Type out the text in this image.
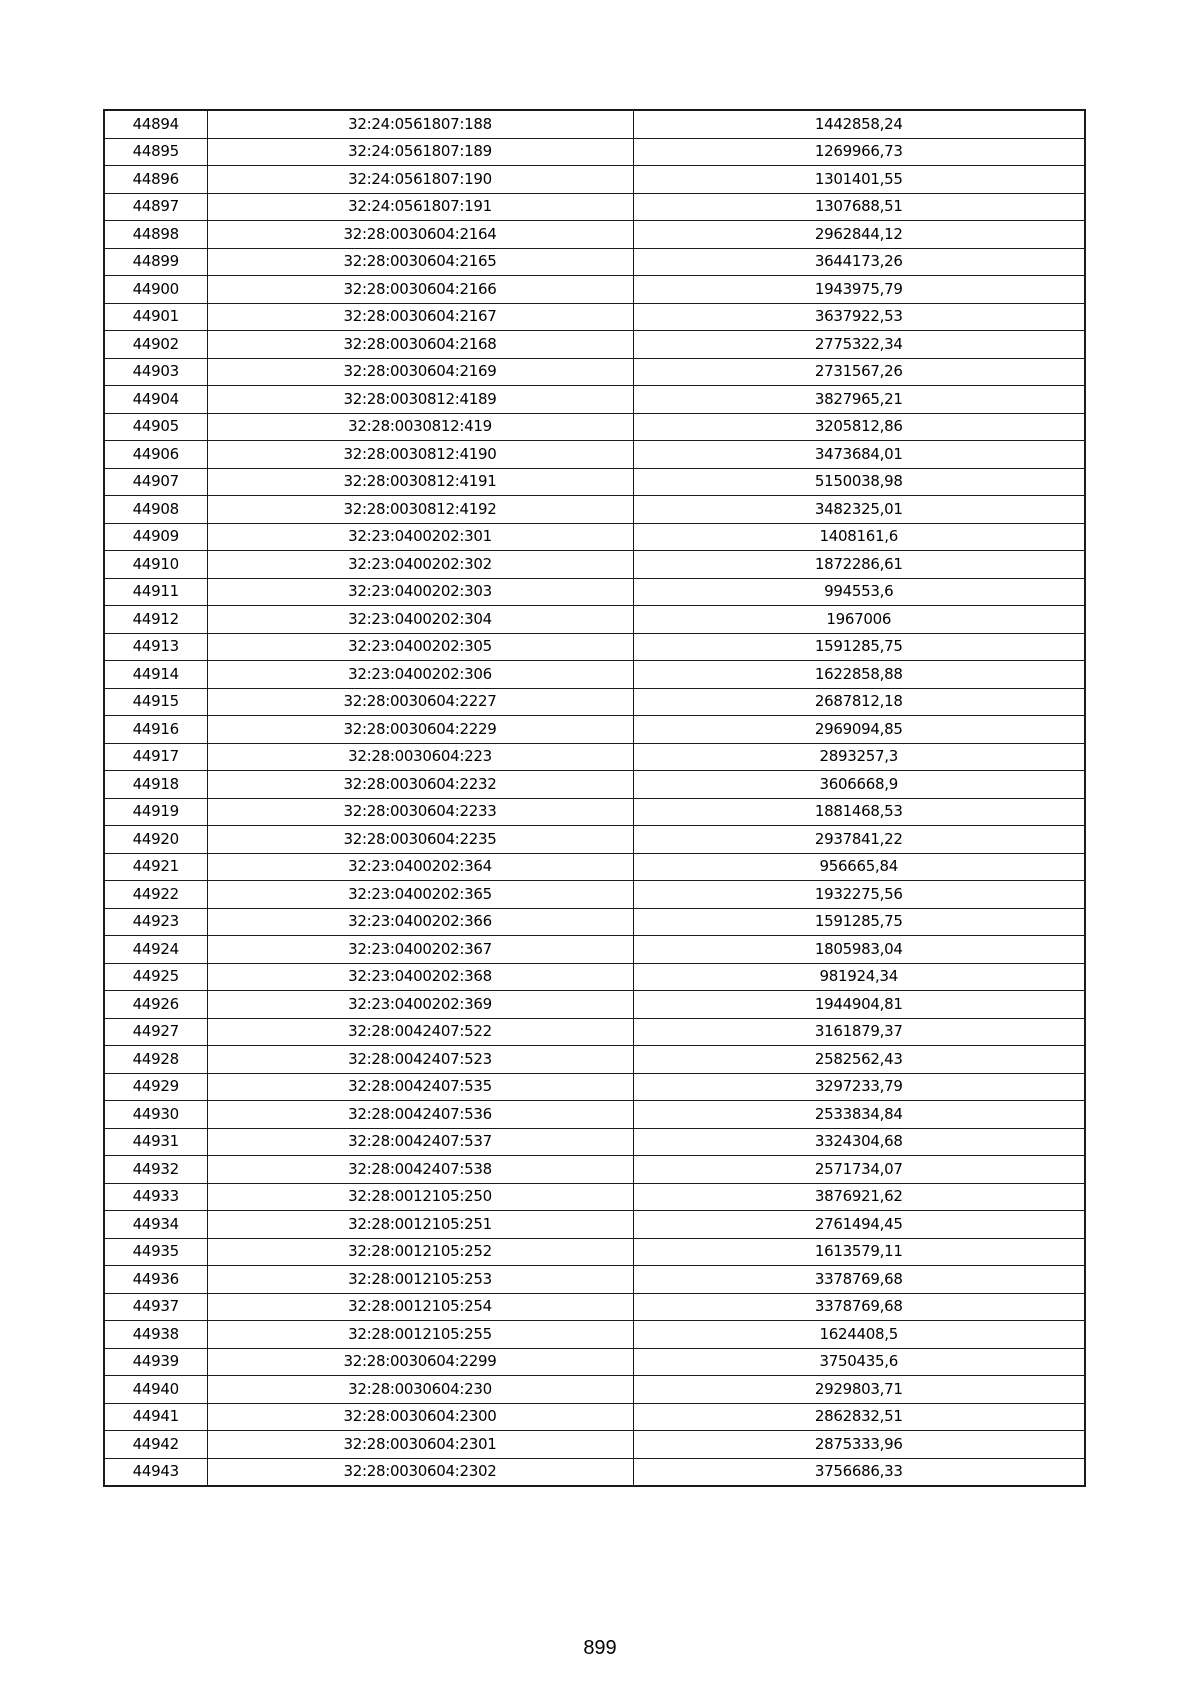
44894	32:24:0561807:188	1442858,24
44895	32:24:0561807:189	1269966,73
44896	32:24:0561807:190	1301401,55
44897	32:24:0561807:191	1307688,51
44898	32:28:0030604:2164	2962844,12
44899	32:28:0030604:2165	3644173,26
44900	32:28:0030604:2166	1943975,79
44901	32:28:0030604:2167	3637922,53
44902	32:28:0030604:2168	2775322,34
44903	32:28:0030604:2169	2731567,26
44904	32:28:0030812:4189	3827965,21
44905	32:28:0030812:419	3205812,86
44906	32:28:0030812:4190	3473684,01
44907	32:28:0030812:4191	5150038,98
44908	32:28:0030812:4192	3482325,01
44909	32:23:0400202:301	1408161,6
44910	32:23:0400202:302	1872286,61
44911	32:23:0400202:303	994553,6
44912	32:23:0400202:304	1967006
44913	32:23:0400202:305	1591285,75
44914	32:23:0400202:306	1622858,88
44915	32:28:0030604:2227	2687812,18
44916	32:28:0030604:2229	2969094,85
44917	32:28:0030604:223	2893257,3
44918	32:28:0030604:2232	3606668,9
44919	32:28:0030604:2233	1881468,53
44920	32:28:0030604:2235	2937841,22
44921	32:23:0400202:364	956665,84
44922	32:23:0400202:365	1932275,56
44923	32:23:0400202:366	1591285,75
44924	32:23:0400202:367	1805983,04
44925	32:23:0400202:368	981924,34
44926	32:23:0400202:369	1944904,81
44927	32:28:0042407:522	3161879,37
44928	32:28:0042407:523	2582562,43
44929	32:28:0042407:535	3297233,79
44930	32:28:0042407:536	2533834,84
44931	32:28:0042407:537	3324304,68
44932	32:28:0042407:538	2571734,07
44933	32:28:0012105:250	3876921,62
44934	32:28:0012105:251	2761494,45
44935	32:28:0012105:252	1613579,11
44936	32:28:0012105:253	3378769,68
44937	32:28:0012105:254	3378769,68
44938	32:28:0012105:255	1624408,5
44939	32:28:0030604:2299	3750435,6
44940	32:28:0030604:230	2929803,71
44941	32:28:0030604:2300	2862832,51
44942	32:28:0030604:2301	2875333,96
44943	32:28:0030604:2302	3756686,33
899
